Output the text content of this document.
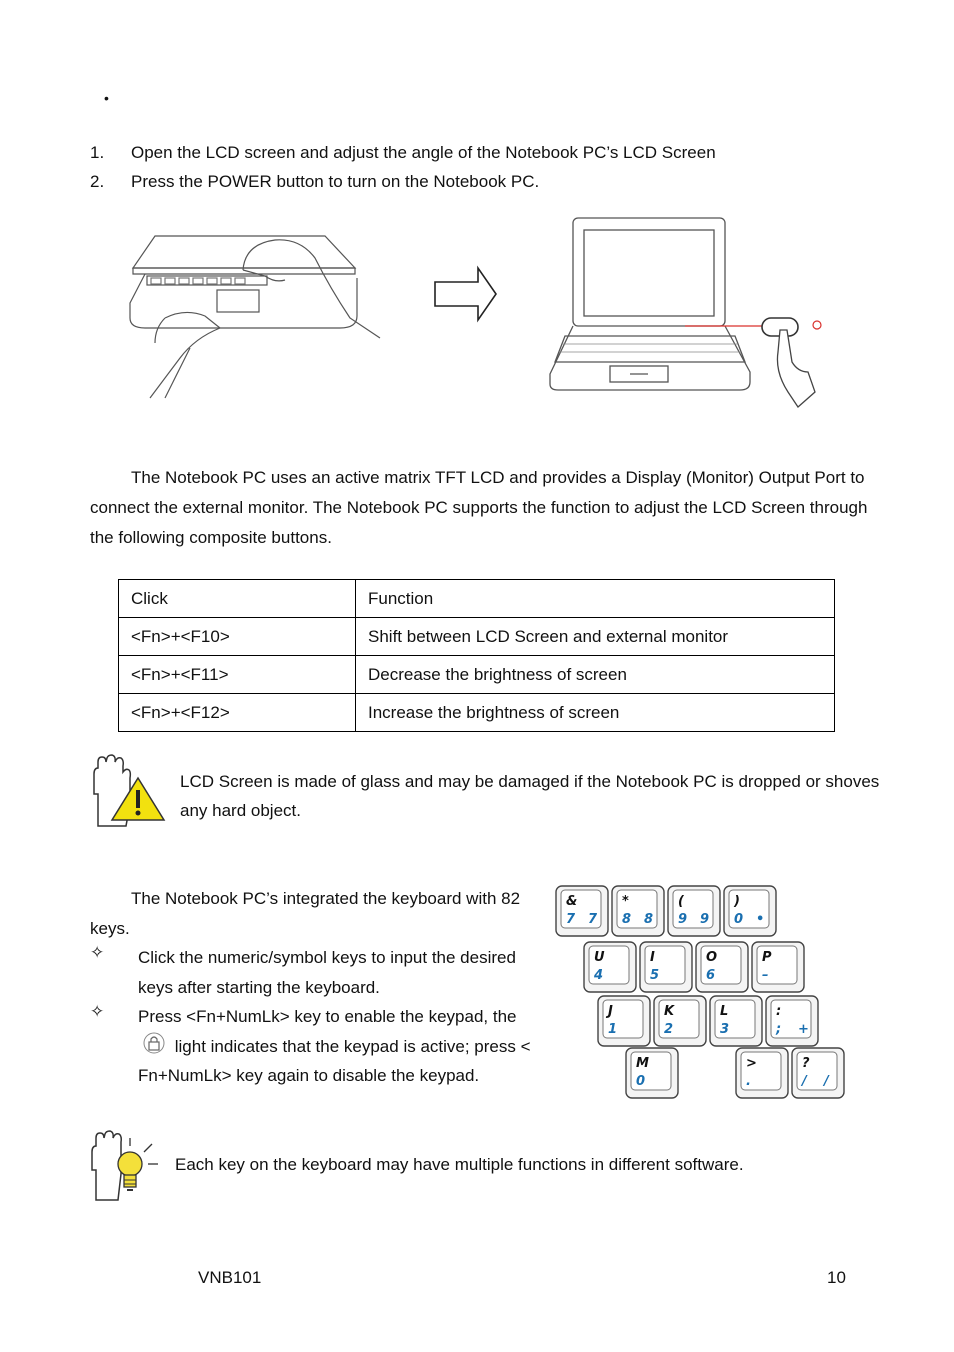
•
1. Open the LCD screen and adjust the angle of the Notebook PC’s LCD Screen
2. Press the POWER button to turn on the Notebook PC.
The Notebook PC uses an active matrix TFT LCD and provides a Display (Monitor) Output Port to connect the external monitor. The Notebook PC supports the function to adjust the LCD Screen through the following composite buttons.
Click	Function
<Fn>+<F10>	Shift between LCD Screen and external monitor
<Fn>+<F11>	Decrease the brightness of screen
<Fn>+<F12>	Increase the brightness of screen
LCD Screen is made of glass and may be damaged if the Notebook PC is dropped or shoves any hard object.
The Notebook PC’s integrated the keyboard with 82 keys.
✧ Click the numeric/symbol keys to input the desired keys after starting the keyboard.
✧ Press <Fn+NumLk> key to enable the keypad, the  light indicates that the keypad is active; press < Fn+NumLk> key again to disable the keypad.
&
7 7
*
8 8
(
9 9
)
0 •
U
4
I
5
O
6
P
–
J
1
K
2
L
3
:
; +
M
0
>
.
?
/ /
Each key on the keyboard may have multiple functions in different software.
VNB101	10
